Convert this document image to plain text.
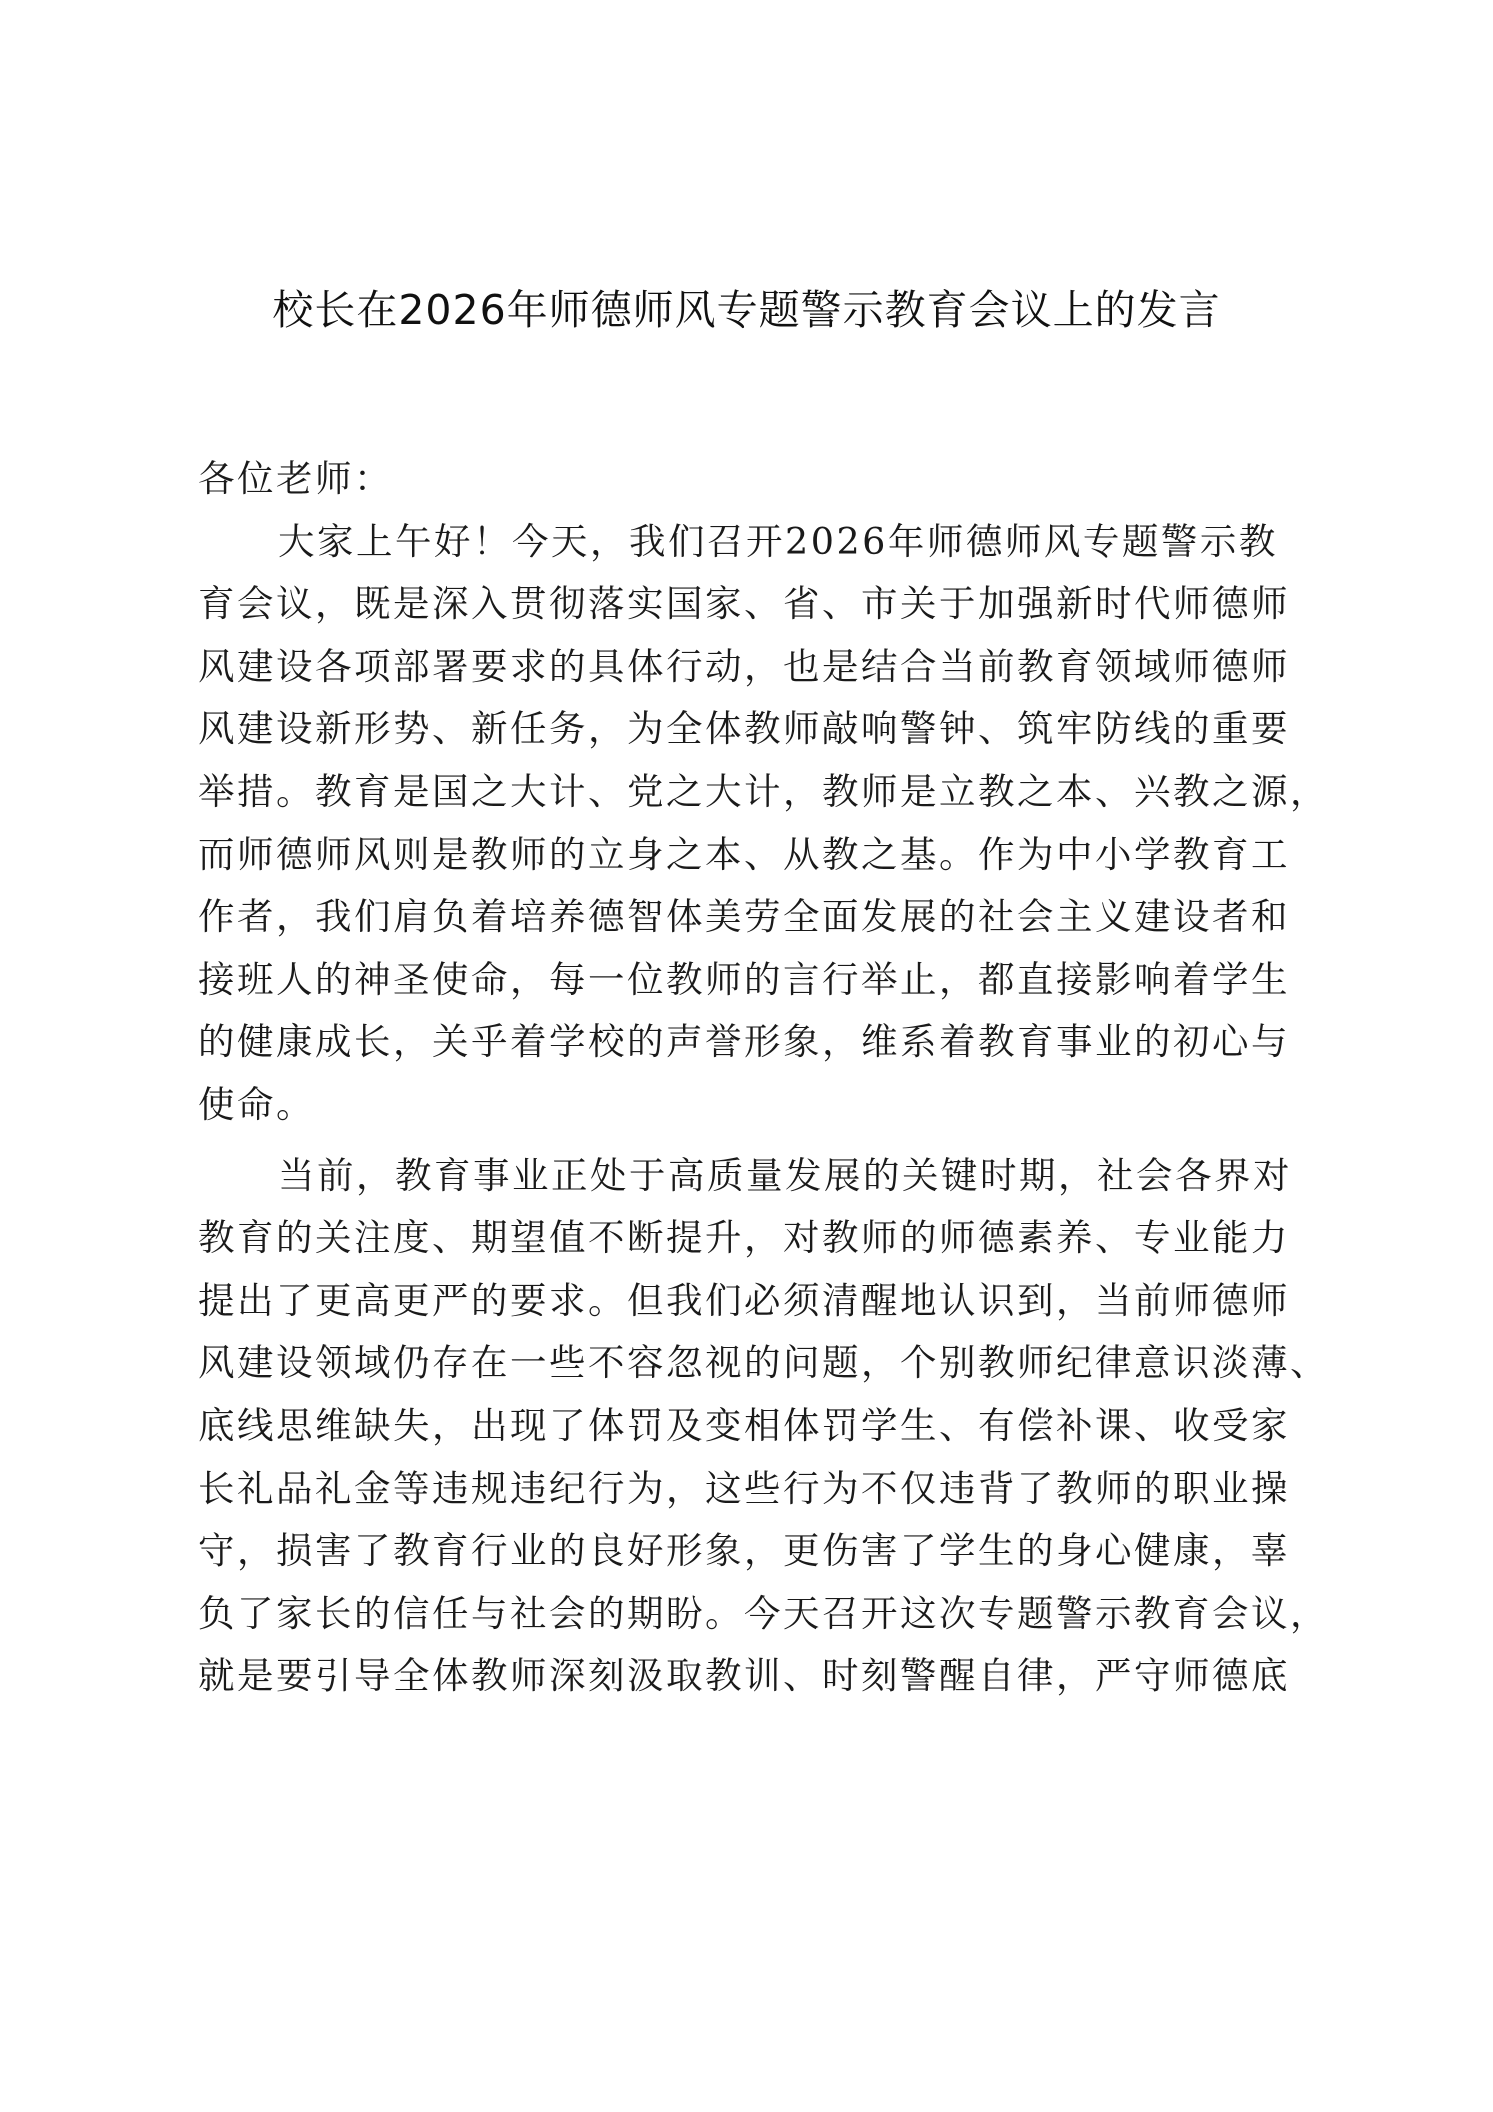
校长在2026年师德师风专题警示教育会议上的发言
各位老师：
大家上午好！今天，我们召开2026年师德师风专题警示教
育会议，既是深入贯彻落实国家、省、市关于加强新时代师德师
风建设各项部署要求的具体行动，也是结合当前教育领域师德师
风建设新形势、新任务，为全体教师敲响警钟、筑牢防线的重要
举措。教育是国之大计、党之大计，教师是立教之本、兴教之源，
而师德师风则是教师的立身之本、从教之基。作为中小学教育工
作者，我们肩负着培养德智体美劳全面发展的社会主义建设者和
接班人的神圣使命，每一位教师的言行举止，都直接影响着学生
的健康成长，关乎着学校的声誉形象，维系着教育事业的初心与
使命。
当前，教育事业正处于高质量发展的关键时期，社会各界对
教育的关注度、期望值不断提升，对教师的师德素养、专业能力
提出了更高更严的要求。但我们必须清醒地认识到，当前师德师
风建设领域仍存在一些不容忽视的问题，个别教师纪律意识淡薄、
底线思维缺失，出现了体罚及变相体罚学生、有偿补课、收受家
长礼品礼金等违规违纪行为，这些行为不仅违背了教师的职业操
守，损害了教育行业的良好形象，更伤害了学生的身心健康，辜
负了家长的信任与社会的期盼。今天召开这次专题警示教育会议，
就是要引导全体教师深刻汲取教训、时刻警醒自律，严守师德底
